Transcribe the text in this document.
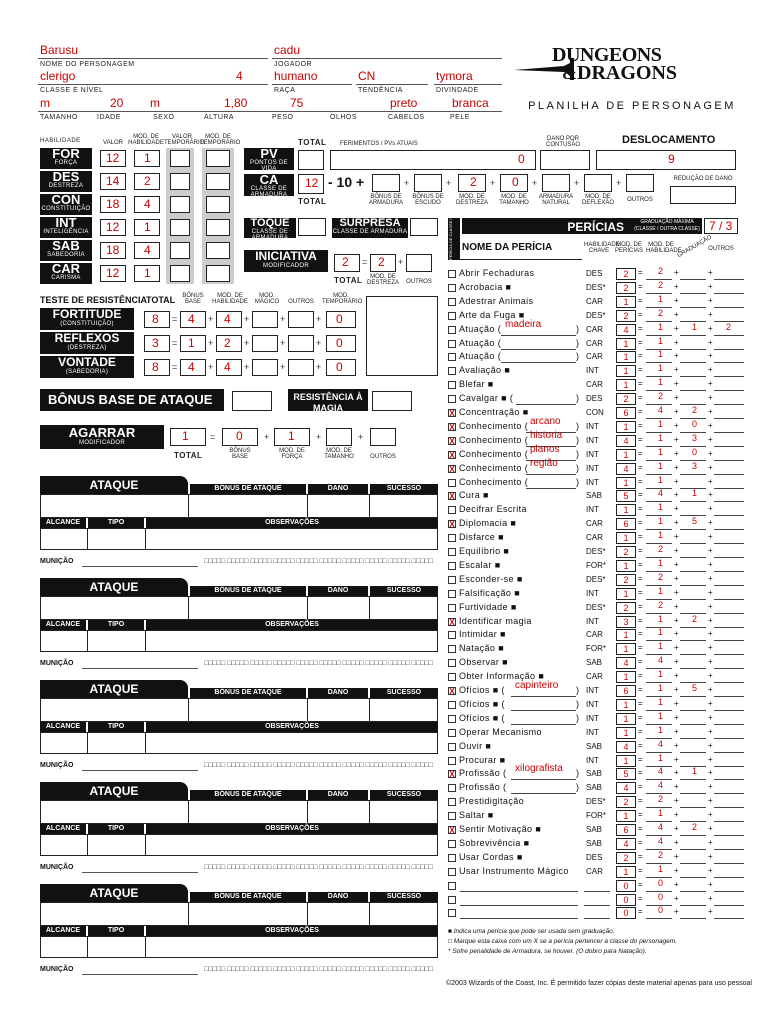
Barusu
NOME DO PERSONAGEM
cadu
JOGADOR
clerigo	4
CLASSE E NÍVEL
humano
RAÇA
CN
TENDÊNCIA
tymora
DIVINDADE
m	20 m	1,80	75	preto	branca
TAMANHO	IDADE	SEXO	ALTURA	PESO	OLHOS	CABELOS	PELE
DUNGEONS
&DRAGONS
PLANILHA DE PERSONAGEM
HABILIDADE	VALOR
MOD. DE HABILIDADE
VALOR TEMPORÁRIO
MOD. DE TEMPORÁRIO
FOR
FORÇA	12 1
DES
DESTREZA	14 2
CON
CONSTITUIÇÃO 18 4
INT
INTELIGÊNCIA 12 1
SAB
SABEDORIA	18 4
CAR
CARISMA	12 1
PV
PONTOS DE VIDA
TOTAL FERIMENTOS / PVs ATUAIS
0
DANO POR CONTUSÃO	DESLOCAMENTO
9
REDUÇÃO DE DANO
CA
CLASSE DE ARMADURA
12
TOTAL
- 10 +	+	+ 2 + 0 +	+	+
BÔNUS DE ARMADURA
BÔNUS DE ESCUDO
MOD. DE DESTREZA
MOD. DE TAMANHO
ARMADURA NATURAL
MOD. DE DEFLEXÃO	OUTROS
TOQUE
CLASSE DE ARMADURA
SURPRESA
CLASSE DE ARMADURA
INICIATIVA
MODIFICADOR	2 = 2 +
TOTAL	MOD. DE DESTREZA	OUTROS
TESTE DE RESISTÊNCIA
TOTAL	BÔNUS BASE
MOD. DE HABILIDADE
MOD. MÁGICO	OUTROS
MOD. TEMPORÁRIO
FORTITUDE
(CONSTITUIÇÃO)	8 = 4 + 4 +	+	+ 0
REFLEXOS
(DESTREZA)	3 = 1 + 2 +	+	+ 0
VONTADE
(SABEDORIA)	8 = 4 + 4 +	+	+ 0
BÔNUS BASE DE ATAQUE	RESISTÊNCIA À MAGIA
AGARRAR
MODIFICADOR	1 = 0 + 1 +	+
TOTAL	BÔNUS BASE
MOD. DE FORÇA
MOD. DE TAMANHO	OUTROS
ATAQUE	BÔNUS DE ATAQUE	DANO	SUCESSO
ALCANCE	TIPO	OBSERVAÇÕES
MUNIÇÃO	□□□□□ □□□□□ □□□□□ □□□□□ □□□□□ □□□□□ □□□□□ □□□□□ □□□□□ □□□□□
ATAQUE	BÔNUS DE ATAQUE	DANO	SUCESSO
ALCANCE	TIPO	OBSERVAÇÕES
MUNIÇÃO	□□□□□ □□□□□ □□□□□ □□□□□ □□□□□ □□□□□ □□□□□ □□□□□ □□□□□ □□□□□
ATAQUE	BÔNUS DE ATAQUE	DANO	SUCESSO
ALCANCE	TIPO	OBSERVAÇÕES
MUNIÇÃO	□□□□□ □□□□□ □□□□□ □□□□□ □□□□□ □□□□□ □□□□□ □□□□□ □□□□□ □□□□□
ATAQUE	BÔNUS DE ATAQUE	DANO	SUCESSO
ALCANCE	TIPO	OBSERVAÇÕES
MUNIÇÃO	□□□□□ □□□□□ □□□□□ □□□□□ □□□□□ □□□□□ □□□□□ □□□□□ □□□□□ □□□□□
ATAQUE	BÔNUS DE ATAQUE	DANO	SUCESSO
ALCANCE	TIPO	OBSERVAÇÕES
MUNIÇÃO	□□□□□ □□□□□ □□□□□ □□□□□ □□□□□ □□□□□ □□□□□ □□□□□ □□□□□ □□□□□
PERÍCIAS	GRADUAÇÃO MÁXIMA (CLASSE / OUTRA CLASSE) 7 / 3
PERÍCIA DE CLASSE? NOME DA PERÍCIA	HABILIDADE CHAVE
MOD. DE PERÍCIAS
MOD. DE HABILIDADE
GRADUAÇÃO
OUTROS
Abrir Fechaduras	DES	2	= 2 +	+
Acrobacia ■	DES*	2	= 2 +	+
Adestrar Animais	CAR	1	= 1 +	+
Arte da Fuga ■	DES*	2	= 2 +	+
Atuação ( madeira	) CAR	4	= 1 + 1 + 2
Atuação (	) CAR	1	= 1 +	+
Atuação (	) CAR	1	= 1 +	+
Avaliação ■	INT	1	= 1 +	+
Blefar ■	CAR	1	= 1 +	+
Cavalgar ■ (	) DES	2	= 2 +	+
X Concentração ■	CON	6	= 4 + 2 +
X Conhecimento ( arcano ) INT	1	= 1 + 0 +
X Conhecimento ( historia ) INT	4	= 1 + 3 +
X Conhecimento ( planos ) INT	1	= 1 + 0 +
X Conhecimento ( região ) INT	4	= 1 + 3 +
Conhecimento (	) INT	1	= 1 +	+
X Cura ■	SAB	5	= 4 + 1 +
Decifrar Escrita	INT	1	= 1 +	+
X Diplomacia ■	CAR	6	= 1 + 5 +
Disfarce ■	CAR	1	= 1 +	+
Equilíbrio ■	DES*	2	= 2 +	+
Escalar ■	FOR*	1	= 1 +	+
Esconder-se ■	DES*	2	= 2 +	+
Falsificação ■	INT	1	= 1 +	+
Furtividade ■	DES*	2	= 2 +	+
X Identificar magia	INT	3	= 1 + 2 +
Intimidar ■	CAR	1	= 1 +	+
Natação ■	FOR*	1	= 1 +	+
Observar ■	SAB	4	= 4 +	+
Obter Informação ■	CAR	1	= 1 +	+
X Ofícios ■ ( capinteiro ) INT	6	= 1 + 5 +
Ofícios ■ (	) INT	1	= 1 +	+
Ofícios ■ (	) INT	1	= 1 +	+
Operar Mecanismo	INT	1	= 1 +	+
Ouvir ■	SAB	4	= 4 +	+
Procurar ■	INT	1	= 1 +	+
X Profissão ( xilografista ) SAB	5	= 4 + 1 +
Profissão (	) SAB	4	= 4 +	+
Prestidigitação	DES*	2	= 2 +	+
Saltar ■	FOR*	1	= 1 +	+
X Sentir Motivação ■	SAB	6	= 4 + 2 +
Sobrevivência ■	SAB	4	= 4 +	+
Usar Cordas ■	DES	2	= 2 +	+
Usar Instrumento Mágico CAR	1	= 1 +	+
0	= 0 +	+
0	= 0 +	+
0	= 0 +	+
■ Indica uma perícia que pode ser usada sem graduação.
□ Marque esta caixa com um X se a perícia pertencer à classe do personagem.
* Sofre penalidade de Armadura, se houver. (O dobro para Natação).
©2003 Wizards of the Coast, Inc. É permitido fazer cópias deste material apenas para uso pessoal
